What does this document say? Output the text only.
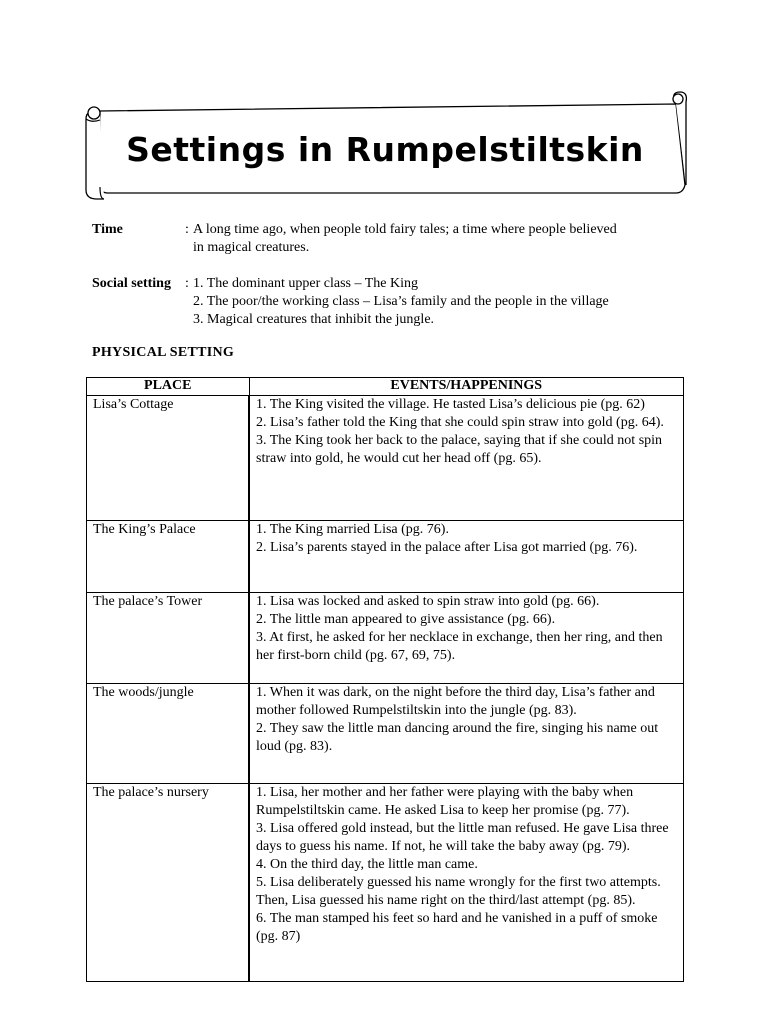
Settings in Rumpelstiltskin
Time	: A long time ago, when people told fairy tales; a time where people believed
in magical creatures.
Social setting : 1. The dominant upper class – The King
2. The poor/the working class – Lisa’s family and the people in the village
3. Magical creatures that inhibit the jungle.
PHYSICAL SETTING
PLACE	EVENTS/HAPPENINGS
Lisa’s Cottage	1. The King visited the village. He tasted Lisa’s delicious pie (pg. 62)
2. Lisa’s father told the King that she could spin straw into gold (pg. 64).
3. The King took her back to the palace, saying that if she could not spin straw into gold, he would cut her head off (pg. 65).

The King’s Palace	1. The King married Lisa (pg. 76).
2. Lisa’s parents stayed in the palace after Lisa got married (pg. 76).

The palace’s Tower	1. Lisa was locked and asked to spin straw into gold (pg. 66).
2. The little man appeared to give assistance (pg. 66).
3. At first, he asked for her necklace in exchange, then her ring, and then her first-born child (pg. 67, 69, 75).

The woods/jungle	1. When it was dark, on the night before the third day, Lisa’s father and mother followed Rumpelstiltskin into the jungle (pg. 83).
2. They saw the little man dancing around the fire, singing his name out loud (pg. 83).

The palace’s nursery	1. Lisa, her mother and her father were playing with the baby when Rumpelstiltskin came. He asked Lisa to keep her promise (pg. 77).
3. Lisa offered gold instead, but the little man refused. He gave Lisa three days to guess his name. If not, he will take the baby away (pg. 79).
4. On the third day, the little man came.
5. Lisa deliberately guessed his name wrongly for the first two attempts. Then, Lisa guessed his name right on the third/last attempt (pg. 85).
6. The man stamped his feet so hard and he vanished in a puff of smoke (pg. 87)
